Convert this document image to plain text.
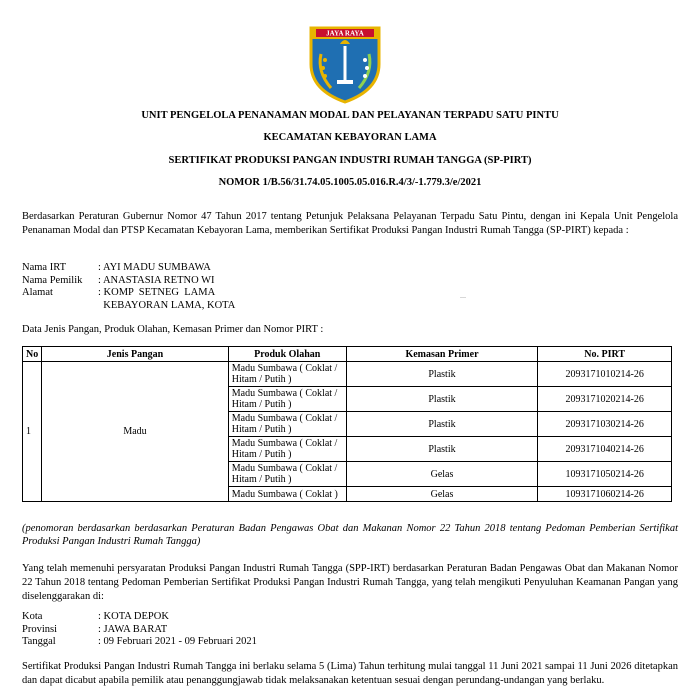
JAYA RAYA
UNIT PENGELOLA PENANAMAN MODAL DAN PELAYANAN TERPADU SATU PINTU
KECAMATAN KEBAYORAN LAMA
SERTIFIKAT PRODUKSI PANGAN INDUSTRI RUMAH TANGGA (SP-PIRT)
NOMOR 1/B.56/31.74.05.1005.05.016.R.4/3/-1.779.3/e/2021
Berdasarkan Peraturan Gubernur Nomor 47 Tahun 2017 tentang Petunjuk Pelaksana Pelayanan Terpadu Satu Pintu, dengan ini Kepala Unit Pengelola Penanaman Modal dan PTSP Kecamatan Kebayoran Lama, memberikan Sertifikat Produksi Pangan Industri Rumah Tangga (SP-PIRT) kepada :
Nama IRT	: AYI MADU SUMBAWA
Nama Pemilik	: ANASTASIA RETNO WI
Alamat	: KOMP  SETNEG  LAMA
KEBAYORAN LAMA, KOTA
...
Data Jenis Pangan, Produk Olahan, Kemasan Primer dan Nomor PIRT :
No	Jenis Pangan	Produk Olahan	Kemasan Primer	No. PIRT
1	Madu	Madu Sumbawa ( Coklat / Hitam / Putih )	Plastik	2093171010214-26
		Madu Sumbawa ( Coklat / Hitam / Putih )	Plastik	2093171020214-26
		Madu Sumbawa ( Coklat / Hitam / Putih )	Plastik	2093171030214-26
		Madu Sumbawa ( Coklat / Hitam / Putih )	Plastik	2093171040214-26
		Madu Sumbawa ( Coklat / Hitam / Putih )	Gelas	1093171050214-26
		Madu Sumbawa ( Coklat )	Gelas	1093171060214-26
(penomoran berdasarkan berdasarkan Peraturan Badan Pengawas Obat dan Makanan Nomor 22 Tahun 2018 tentang Pedoman Pemberian Sertifikat Produksi Pangan Industri Rumah Tangga)
Yang telah memenuhi persyaratan Produksi Pangan Industri Rumah Tangga (SPP-IRT) berdasarkan Peraturan Badan Pengawas Obat dan Makanan Nomor 22 Tahun 2018 tentang Pedoman Pemberian Sertifikat Produksi Pangan Industri Rumah Tangga, yang telah mengikuti Penyuluhan Keamanan Pangan yang diselenggarakan di:
Kota	: KOTA DEPOK
Provinsi	: JAWA BARAT
Tanggal	: 09 Februari 2021 - 09 Februari 2021
Sertifikat Produksi Pangan Industri Rumah Tangga ini berlaku selama 5 (Lima) Tahun terhitung mulai tanggal 11 Juni 2021 sampai 11 Juni 2026 ditetapkan dan dapat dicabut apabila pemilik atau penanggungjawab tidak melaksanakan ketentuan sesuai dengan perundang-undangan yang berlaku.
